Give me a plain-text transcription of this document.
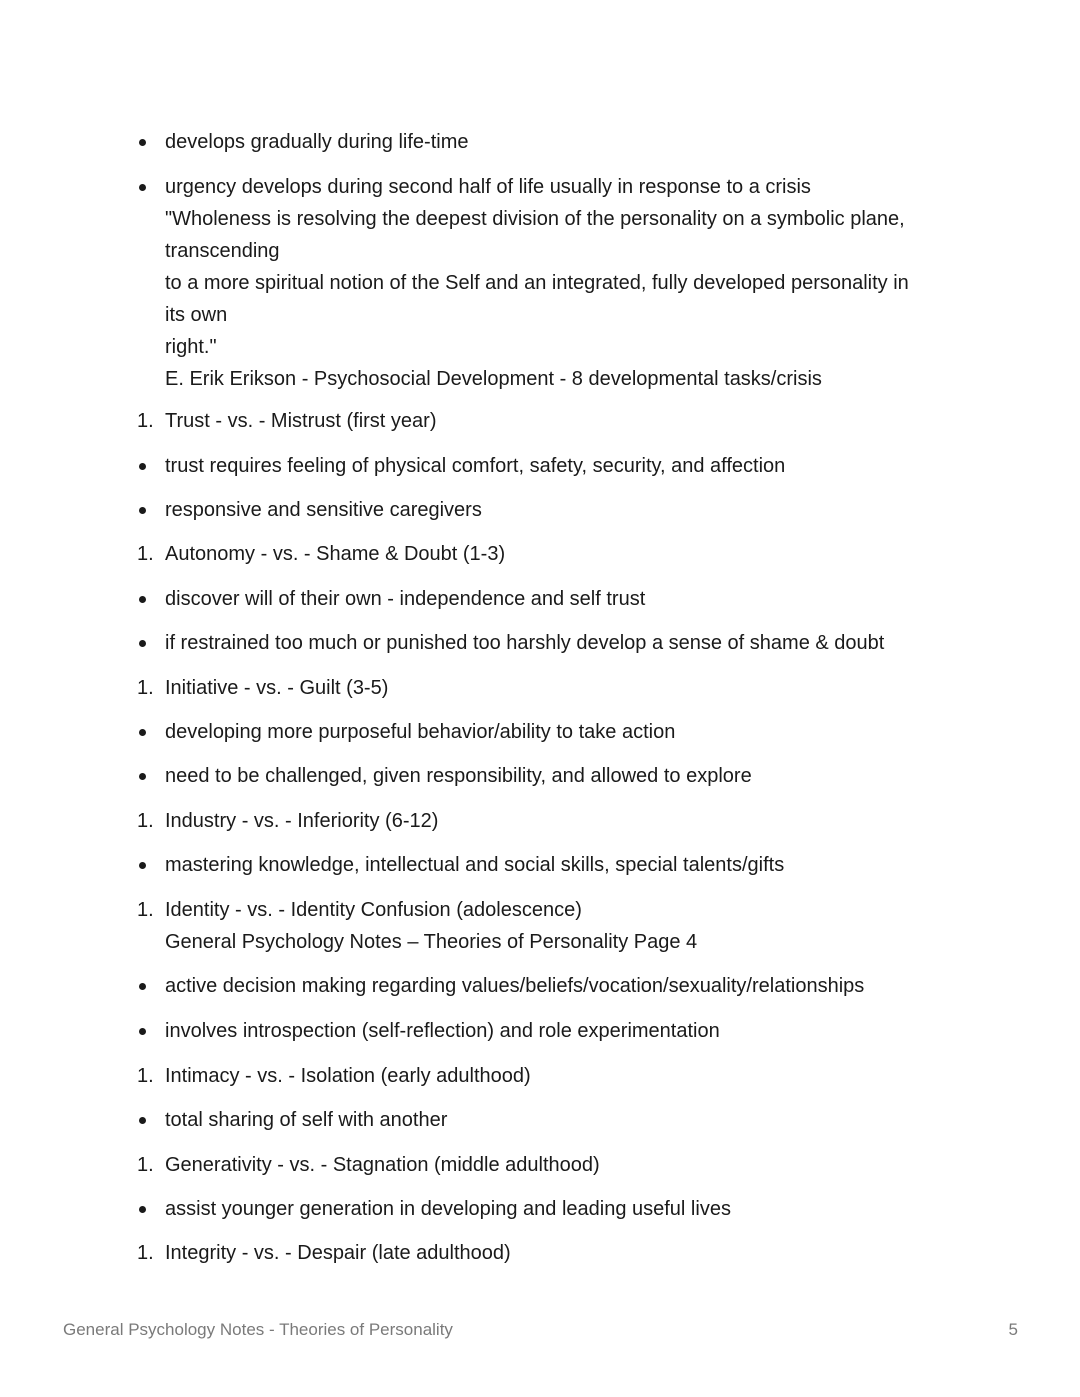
develops gradually during life-time
urgency develops during second half of life usually in response to a crisis
"Wholeness is resolving the deepest division of the personality on a symbolic plane,
transcending
to a more spiritual notion of the Self and an integrated, fully developed personality in
its own
right."
E. Erik Erikson - Psychosocial Development - 8 developmental tasks/crisis
1. Trust - vs. - Mistrust (first year)
trust requires feeling of physical comfort, safety, security, and affection
responsive and sensitive caregivers
1. Autonomy - vs. - Shame & Doubt (1-3)
discover will of their own - independence and self trust
if restrained too much or punished too harshly develop a sense of shame & doubt
1. Initiative - vs. - Guilt (3-5)
developing more purposeful behavior/ability to take action
need to be challenged, given responsibility, and allowed to explore
1. Industry - vs. - Inferiority (6-12)
mastering knowledge, intellectual and social skills, special talents/gifts
1. Identity - vs. - Identity Confusion (adolescence)
General Psychology Notes – Theories of Personality Page 4
active decision making regarding values/beliefs/vocation/sexuality/relationships
involves introspection (self-reflection) and role experimentation
1. Intimacy - vs. - Isolation (early adulthood)
total sharing of self with another
1. Generativity - vs. - Stagnation (middle adulthood)
assist younger generation in developing and leading useful lives
1. Integrity - vs. - Despair (late adulthood)
General Psychology Notes - Theories of Personality	5
